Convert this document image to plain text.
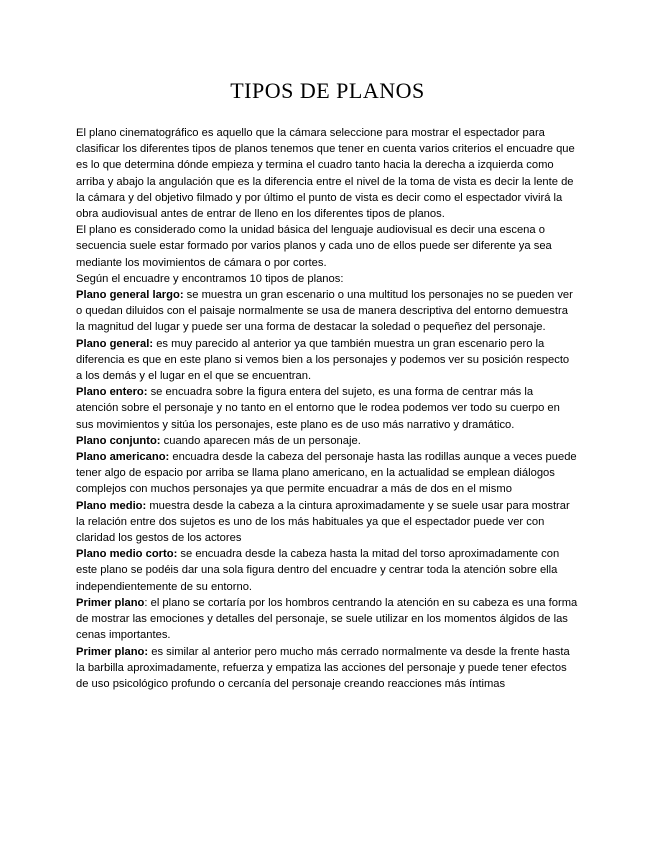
TIPOS DE PLANOS

El plano cinematográfico es aquello que la cámara seleccione para mostrar el espectador para clasificar los diferentes tipos de planos tenemos que tener en cuenta varios criterios el encuadre que es lo que determina dónde empieza y termina el cuadro tanto hacia la derecha a izquierda como arriba y abajo la angulación que es la diferencia entre el nivel de la toma de vista es decir la lente de la cámara y del objetivo filmado y por último el punto de vista es decir como el espectador vivirá la obra audiovisual antes de entrar de lleno en los diferentes tipos de planos.

El plano es considerado como la unidad básica del lenguaje audiovisual es decir una escena o secuencia suele estar formado por varios planos y cada uno de ellos puede ser diferente ya sea mediante los movimientos de cámara o por cortes.

Según el encuadre y encontramos 10 tipos de planos:

Plano general largo: se muestra un gran escenario o una multitud los personajes no se pueden ver o quedan diluidos con el paisaje normalmente se usa de manera descriptiva del entorno demuestra la magnitud del lugar y puede ser una forma de destacar la soledad o pequeñez del personaje.

Plano general: es muy parecido al anterior ya que también muestra un gran escenario pero la diferencia es que en este plano si vemos bien a los personajes y podemos ver su posición respecto a los demás y el lugar en el que se encuentran.

Plano entero: se encuadra sobre la figura entera del sujeto, es una forma de centrar más la atención sobre el personaje y no tanto en el entorno que le rodea podemos ver todo su cuerpo en sus movimientos y sitúa los personajes, este plano es de uso más narrativo y dramático.

Plano conjunto: cuando aparecen más de un personaje.

Plano americano: encuadra desde la cabeza del personaje hasta las rodillas aunque a veces puede tener algo de espacio por arriba se llama plano americano, en la actualidad se emplean diálogos complejos con muchos personajes ya que permite encuadrar a más de dos en el mismo

Plano medio: muestra desde la cabeza a la cintura aproximadamente y se suele usar para mostrar la relación entre dos sujetos es uno de los más habituales ya que el espectador puede ver con claridad los gestos de los actores

Plano medio corto: se encuadra desde la cabeza hasta la mitad del torso aproximadamente con este plano se podéis dar una sola figura dentro del encuadre y centrar toda la atención sobre ella independientemente de su entorno.

Primer plano: el plano se cortaría por los hombros centrando la atención en su cabeza es una forma de mostrar las emociones y detalles del personaje, se suele utilizar en los momentos álgidos de las cenas importantes.

Primer plano: es similar al anterior pero mucho más cerrado normalmente va desde la frente hasta la barbilla aproximadamente, refuerza y empatiza las acciones del personaje y puede tener efectos de uso psicológico profundo o cercanía del personaje creando reacciones más íntimas
